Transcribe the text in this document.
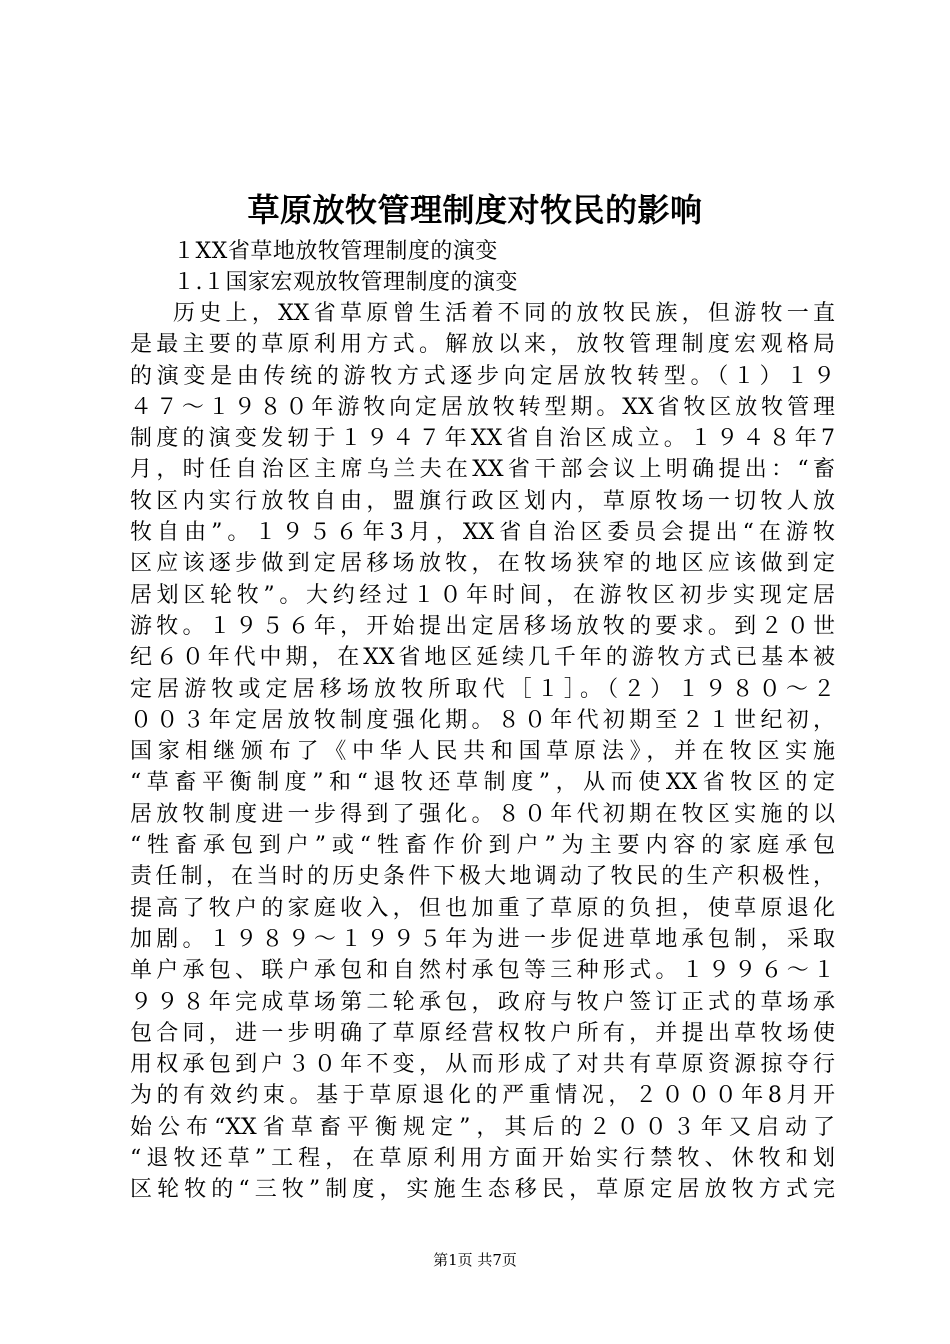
草原放牧管理制度对牧民的影响
１XX省草地放牧管理制度的演变
１.１国家宏观放牧管理制度的演变
历史上，XX省草原曾生活着不同的放牧民族，但游牧一直
是最主要的草原利用方式。解放以来，放牧管理制度宏观格局
的演变是由传统的游牧方式逐步向定居放牧转型。（１）１９
４７～１９８０年游牧向定居放牧转型期。XX省牧区放牧管理
制度的演变发轫于１９４７年XX省自治区成立。１９４８年7
月，时任自治区主席乌兰夫在XX省干部会议上明确提出：“畜
牧区内实行放牧自由，盟旗行政区划内，草原牧场一切牧人放
牧自由”。１９５６年3月，XX省自治区委员会提出“在游牧
区应该逐步做到定居移场放牧，在牧场狭窄的地区应该做到定
居划区轮牧”。大约经过１０年时间，在游牧区初步实现定居
游牧。１９５６年，开始提出定居移场放牧的要求。到２０世
纪６０年代中期，在XX省地区延续几千年的游牧方式已基本被
定居游牧或定居移场放牧所取代［１］。（２）１９８０～２
００３年定居放牧制度强化期。８０年代初期至２１世纪初，
国家相继颁布了《中华人民共和国草原法》，并在牧区实施
“草畜平衡制度”和“退牧还草制度”，从而使XX省牧区的定
居放牧制度进一步得到了强化。８０年代初期在牧区实施的以
“牲畜承包到户”或“牲畜作价到户”为主要内容的家庭承包
责任制，在当时的历史条件下极大地调动了牧民的生产积极性，
提高了牧户的家庭收入，但也加重了草原的负担，使草原退化
加剧。１９８９～１９９５年为进一步促进草地承包制，采取
单户承包、联户承包和自然村承包等三种形式。１９９６～１
９９８年完成草场第二轮承包，政府与牧户签订正式的草场承
包合同，进一步明确了草原经营权牧户所有，并提出草牧场使
用权承包到户３０年不变，从而形成了对共有草原资源掠夺行
为的有效约束。基于草原退化的严重情况，２０００年8月开
始公布“XX省草畜平衡规定”，其后的２００３年又启动了
“退牧还草”工程，在草原利用方面开始实行禁牧、休牧和划
区轮牧的“三牧”制度，实施生态移民，草原定居放牧方式完
第1页 共7页
